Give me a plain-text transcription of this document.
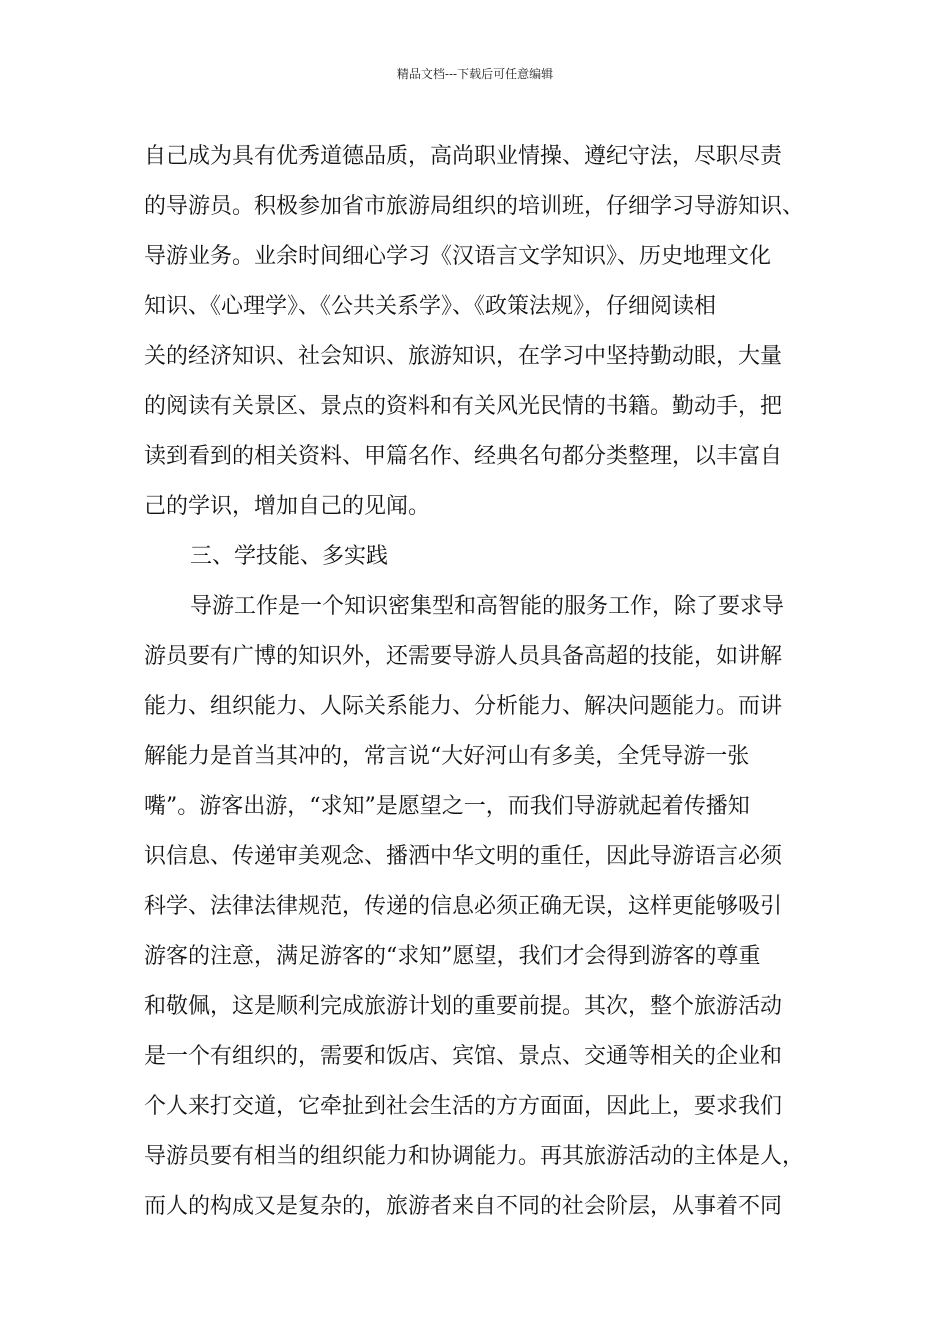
精品文档---下载后可任意编辑
自己成为具有优秀道德品质，高尚职业情操、遵纪守法，尽职尽责
的导游员。积极参加省市旅游局组织的培训班，仔细学习导游知识、
导游业务。业余时间细心学习《汉语言文学知识》、历史地理文化
知识、《心理学》、《公共关系学》、《政策法规》，仔细阅读相
关的经济知识、社会知识、旅游知识，在学习中坚持勤动眼，大量
的阅读有关景区、景点的资料和有关风光民情的书籍。勤动手，把
读到看到的相关资料、甲篇名作、经典名句都分类整理，以丰富自
己的学识，增加自己的见闻。
三、学技能、多实践
导游工作是一个知识密集型和高智能的服务工作，除了要求导
游员要有广博的知识外，还需要导游人员具备高超的技能，如讲解
能力、组织能力、人际关系能力、分析能力、解决问题能力。而讲
解能力是首当其冲的，常言说“大好河山有多美，全凭导游一张
嘴”。游客出游，“求知”是愿望之一，而我们导游就起着传播知
识信息、传递审美观念、播洒中华文明的重任，因此导游语言必须
科学、法律法律规范，传递的信息必须正确无误，这样更能够吸引
游客的注意，满足游客的“求知”愿望，我们才会得到游客的尊重
和敬佩，这是顺利完成旅游计划的重要前提。其次，整个旅游活动
是一个有组织的，需要和饭店、宾馆、景点、交通等相关的企业和
个人来打交道，它牵扯到社会生活的方方面面，因此上，要求我们
导游员要有相当的组织能力和协调能力。再其旅游活动的主体是人，
而人的构成又是复杂的，旅游者来自不同的社会阶层，从事着不同
